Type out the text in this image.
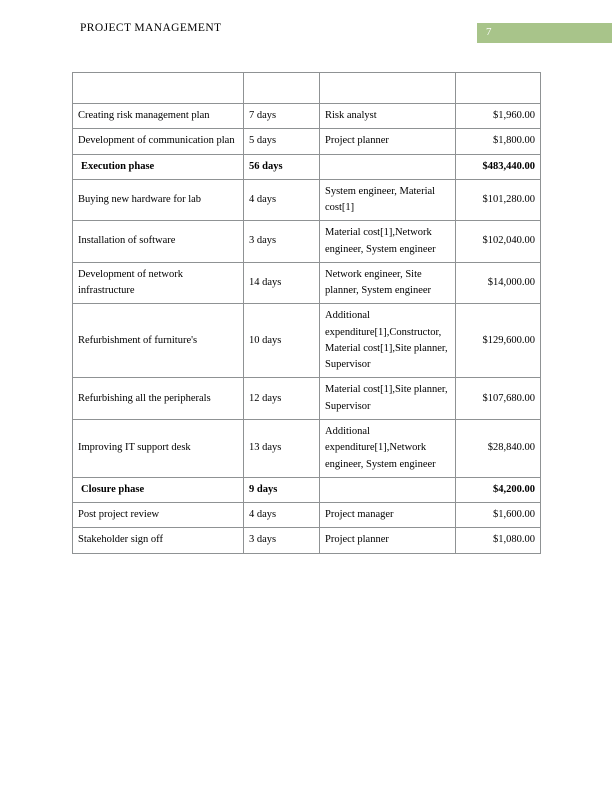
PROJECT MANAGEMENT	7

Creating risk management plan	7 days	Risk analyst	$1,960.00
Development of communication plan	5 days	Project planner	$1,800.00
Execution phase	56 days		$483,440.00
Buying new hardware for lab	4 days	System engineer, Material cost[1]	$101,280.00
Installation of software	3 days	Material cost[1],Network engineer, System engineer	$102,040.00
Development of network infrastructure	14 days	Network engineer, Site planner, System engineer	$14,000.00
Refurbishment of furniture's	10 days	Additional expenditure[1],Constructor, Material cost[1],Site planner, Supervisor	$129,600.00
Refurbishing all the peripherals	12 days	Material cost[1],Site planner, Supervisor	$107,680.00
Improving IT support desk	13 days	Additional expenditure[1],Network engineer, System engineer	$28,840.00
Closure phase	9 days		$4,200.00
Post project review	4 days	Project manager	$1,600.00
Stakeholder sign off	3 days	Project planner	$1,080.00
